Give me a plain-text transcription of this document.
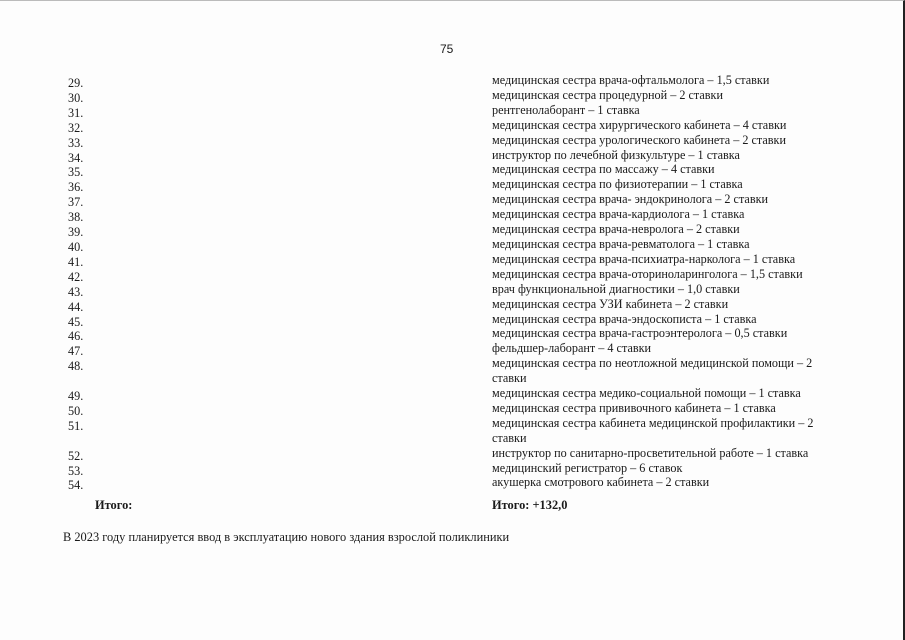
75
29.	медицинская сестра врача-офтальмолога – 1,5 ставки
30.	медицинская сестра процедурной – 2 ставки
31.	рентгенолаборант – 1 ставка
32.	медицинская сестра хирургического кабинета – 4 ставки
33.	медицинская сестра урологического кабинета – 2 ставки
34.	инструктор по лечебной физкультуре – 1 ставка
35.	медицинская сестра по массажу – 4 ставки
36.	медицинская сестра по физиотерапии – 1 ставка
37.	медицинская сестра врача- эндокринолога – 2 ставки
38.	медицинская сестра врача-кардиолога – 1 ставка
39.	медицинская сестра врача-невролога – 2 ставки
40.	медицинская сестра врача-ревматолога – 1 ставка
41.	медицинская сестра врача-психиатра-нарколога – 1 ставка
42.	медицинская сестра врача-оториноларинголога – 1,5 ставки
43.	врач функциональной диагностики – 1,0 ставки
44.	медицинская сестра УЗИ кабинета – 2 ставки
45.	медицинская сестра врача-эндоскописта – 1 ставка
46.	медицинская сестра врача-гастроэнтеролога – 0,5 ставки
47.	фельдшер-лаборант – 4 ставки
48.	медицинская сестра по неотложной медицинской помощи – 2 ставки
49.	медицинская сестра медико-социальной помощи – 1 ставка
50.	медицинская сестра прививочного кабинета – 1 ставка
51.	медицинская сестра кабинета медицинской профилактики – 2 ставки
52.	инструктор по санитарно-просветительной работе – 1 ставка
53.	медицинский регистратор – 6 ставок
54.	акушерка смотрового кабинета – 2 ставки
Итого:	Итого: +132,0
В 2023 году планируется ввод в эксплуатацию нового здания взрослой поликлиники
